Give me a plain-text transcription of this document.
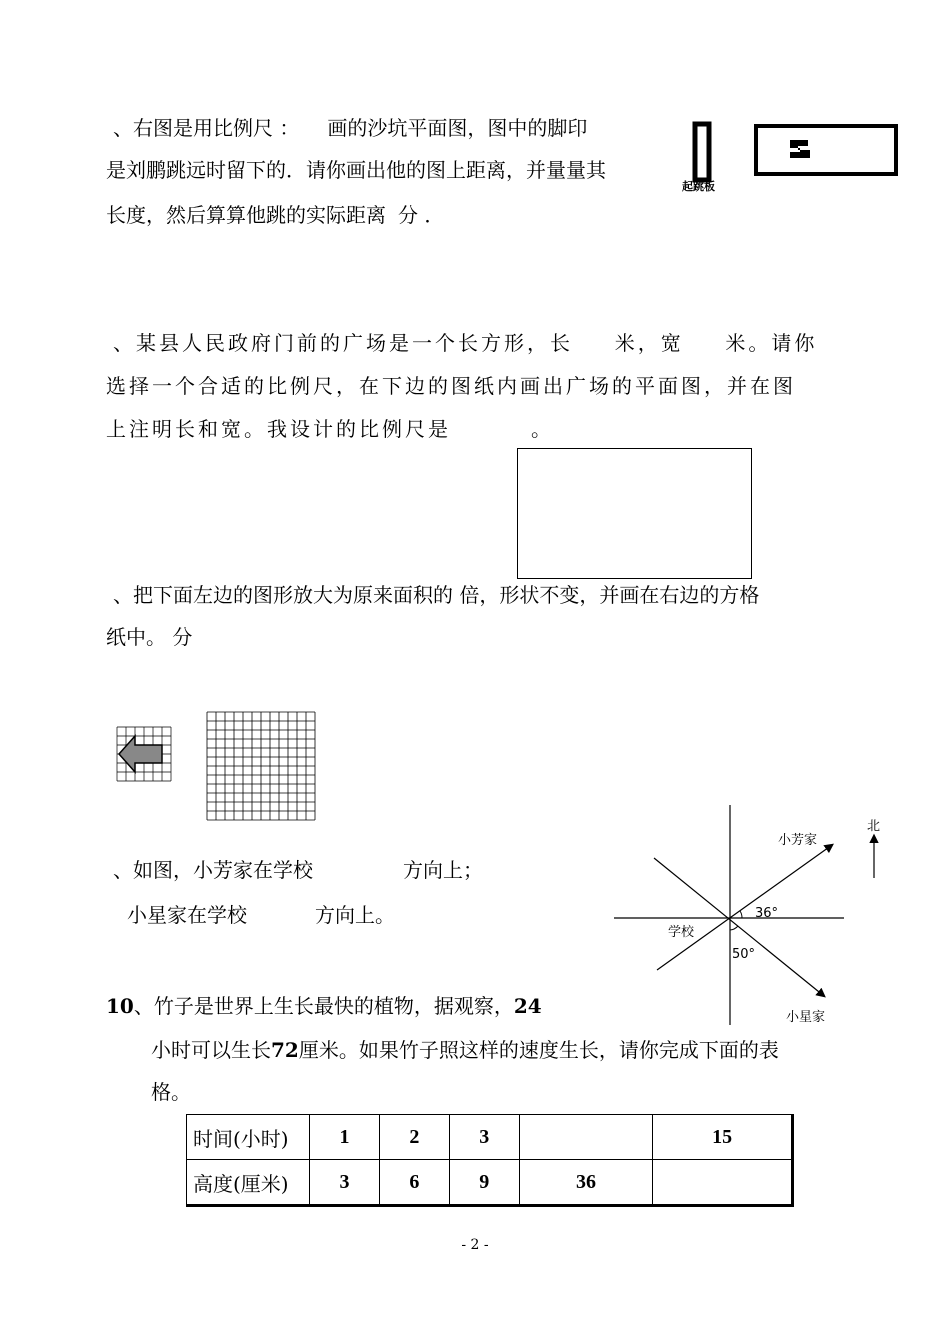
、右图是用比例尺 ： 画的沙坑平面图，图中的脚印
是刘鹏跳远时留下的．请你画出他的图上距离，并量量其
长度，然后算算他跳的实际距离 分 ．
起跳板
、某县人民政府门前的广场是一个长方形，长 　 米，宽 　 米。请你
选择一个合适的比例尺，在下边的图纸内画出广场的平面图，并在图
上注明长和宽。我设计的比例尺是	。
、把下面左边的图形放大为原来面积的 倍，形状不变，并画在右边的方格
纸中。 分
、如图，小芳家在学校	方向上；
小星家在学校	方向上。
北
小芳家
小星家
学校
36°
50°
10、竹子是世界上生长最快的植物，据观察，24
小时可以生长72厘米。如果竹子照这样的速度生长，请你完成下面的表
格。
时间(小时)	1	2	3		15
高度(厘米)	3	6	9	36	
- 2 -
